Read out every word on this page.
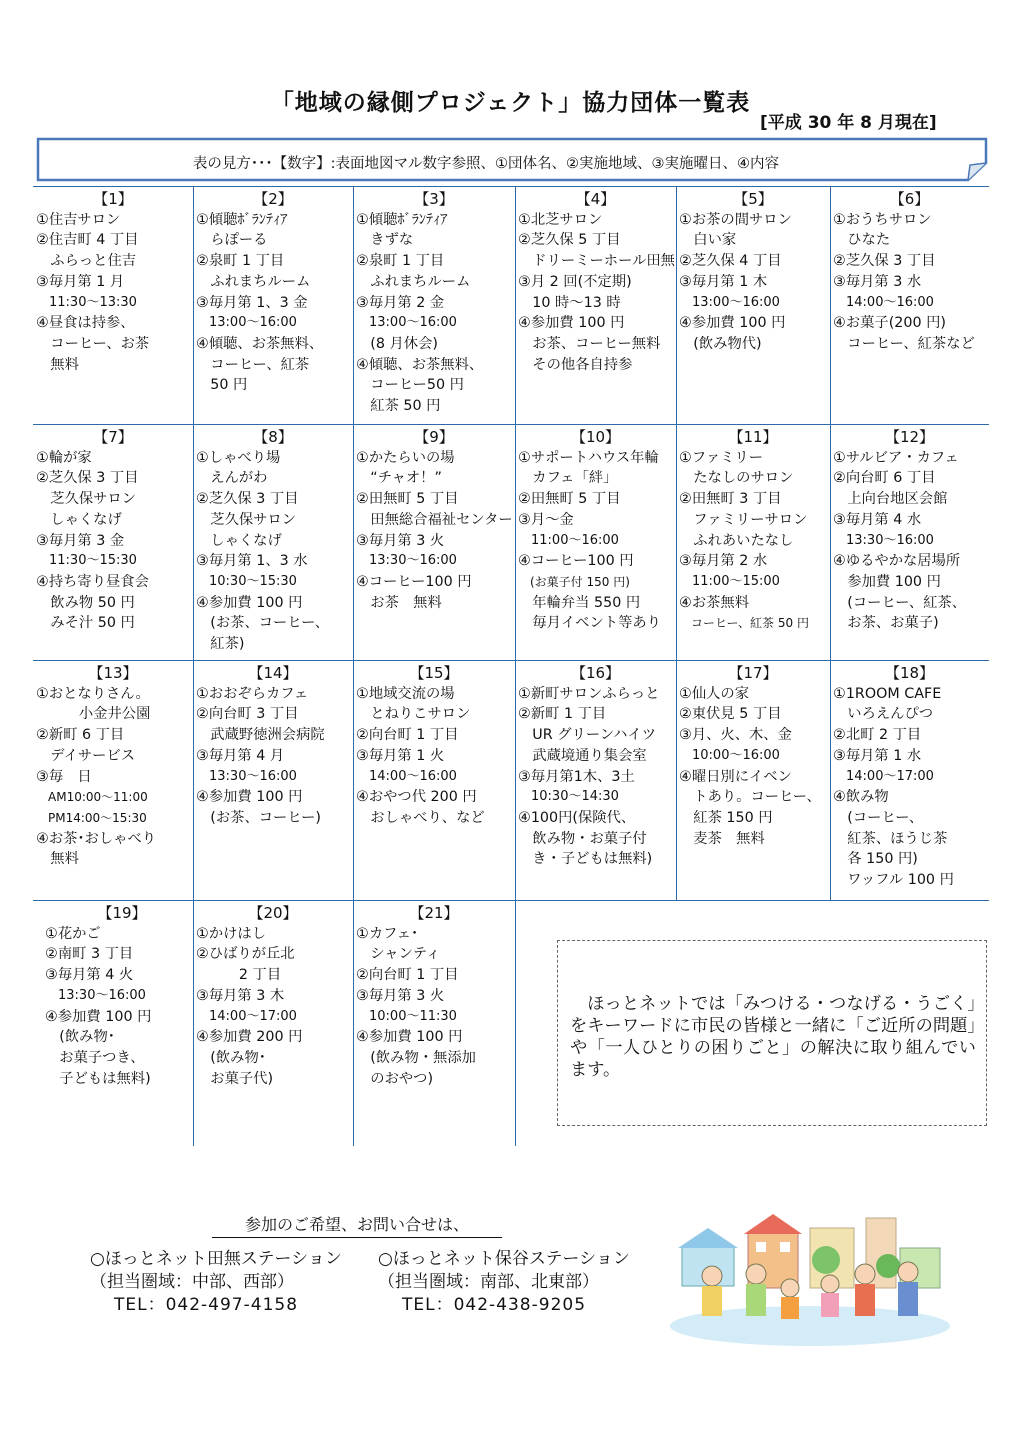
「地域の縁側プロジェクト」協力団体一覧表
[平成 30 年 8 月現在]
表の見方･･･【数字】:表面地図マル数字参照、①団体名、②実施地域、③実施曜日、④内容
【1】
①住吉サロン
②住吉町 4 丁目
　ふらっと住吉
③毎月第 1 月
　11:30～13:30
④昼食は持参、
　コーヒー、お茶
　無料
【2】
①傾聴ﾎﾞﾗﾝﾃｨｱ
　らぽーる
②泉町 1 丁目
　ふれまちルーム
③毎月第 1、3 金
　13:00～16:00
④傾聴、お茶無料、
　コーヒー、紅茶
　50 円
【3】
①傾聴ﾎﾞﾗﾝﾃｨｱ
　きずな
②泉町 1 丁目
　ふれまちルーム
③毎月第 2 金
　13:00～16:00
　(8 月休会)
④傾聴、お茶無料、
　コーヒー50 円
　紅茶 50 円
【4】
①北芝サロン
②芝久保 5 丁目
　ドリーミーホール田無
③月 2 回(不定期)
　10 時～13 時
④参加費 100 円
　お茶、コーヒー無料
　その他各自持参
【5】
①お茶の間サロン
　白い家
②芝久保 4 丁目
③毎月第 1 木
　13:00～16:00
④参加費 100 円
　(飲み物代)
【6】
①おうちサロン
　ひなた
②芝久保 3 丁目
③毎月第 3 水
　14:00～16:00
④お菓子(200 円)
　コーヒー、紅茶など
【7】
①輪が家
②芝久保 3 丁目
　芝久保サロン
　しゃくなげ
③毎月第 3 金
　11:30～15:30
④持ち寄り昼食会
　飲み物 50 円
　みそ汁 50 円
【8】
①しゃべり場
　えんがわ
②芝久保 3 丁目
　芝久保サロン
　しゃくなげ
③毎月第 1、3 水
　10:30～15:30
④参加費 100 円
　(お茶、コーヒー、
　紅茶)
【9】
①かたらいの場
　“チャオ！”
②田無町 5 丁目
　田無総合福祉センター
③毎月第 3 火
　13:30～16:00
④コーヒー100 円
　お茶　無料
【10】
①サポートハウス年輪
　カフェ「絆」
②田無町 5 丁目
③月～金
　11:00～16:00
④コーヒー100 円
　(お菓子付 150 円)
　年輪弁当 550 円
　毎月イベント等あり
【11】
①ファミリー
　たなしのサロン
②田無町 3 丁目
　ファミリーサロン
　ふれあいたなし
③毎月第 2 水
　11:00～15:00
④お茶無料
　コーヒー、紅茶 50 円
【12】
①サルビア・カフェ
②向台町 6 丁目
　上向台地区会館
③毎月第 4 水
　13:30～16:00
④ゆるやかな居場所
　参加費 100 円
　(コーヒー、紅茶、
　お茶、お菓子)
【13】
①おとなりさん。
　　　小金井公園
②新町 6 丁目
　デイサービス
③毎　日
　AM10:00～11:00
　PM14:00～15:30
④お茶･おしゃべり
　無料
【14】
①おおぞらカフェ
②向台町 3 丁目
　武蔵野徳洲会病院
③毎月第 4 月
　13:30～16:00
④参加費 100 円
　(お茶、コーヒー)
【15】
①地域交流の場
　とねりこサロン
②向台町 1 丁目
③毎月第 1 火
　14:00～16:00
④おやつ代 200 円
　おしゃべり、など
【16】
①新町サロンふらっと
②新町 1 丁目
　UR グリーンハイツ
　武蔵境通り集会室
③毎月第1木、3土
　10:30～14:30
④100円(保険代、
　飲み物・お菓子付
　き・子どもは無料)
【17】
①仙人の家
②東伏見 5 丁目
③月、火、木、金
　10:00～16:00
④曜日別にイベン
　トあり。コーヒー、
　紅茶 150 円
　麦茶　無料
【18】
①1ROOM CAFE
　いろえんぴつ
②北町 2 丁目
③毎月第 1 水
　14:00～17:00
④飲み物
　(コーヒー、
　紅茶、ほうじ茶
　各 150 円)
　ワッフル 100 円
【19】
①花かご
②南町 3 丁目
③毎月第 4 火
　13:30～16:00
④参加費 100 円
　(飲み物･
　お菓子つき、
　子どもは無料)
【20】
①かけはし
②ひばりが丘北
　　　2 丁目
③毎月第 3 木
　14:00～17:00
④参加費 200 円
　(飲み物･
　お菓子代)
【21】
①カフェ･
　シャンティ
②向台町 1 丁目
③毎月第 3 火
　10:00～11:30
④参加費 100 円
　(飲み物・無添加
　のおやつ)
　ほっとネットでは「みつける・つなげる・うごく」をキーワードに市民の皆様と一緒に「ご近所の問題」や「一人ひとりの困りごと」の解決に取り組んでいます。
参加のご希望、お問い合せは、
○ほっとネット田無ステーション
（担当圏域：中部、西部）
TEL：042-497-4158
○ほっとネット保谷ステーション
（担当圏域：南部、北東部）
TEL：042-438-9205
